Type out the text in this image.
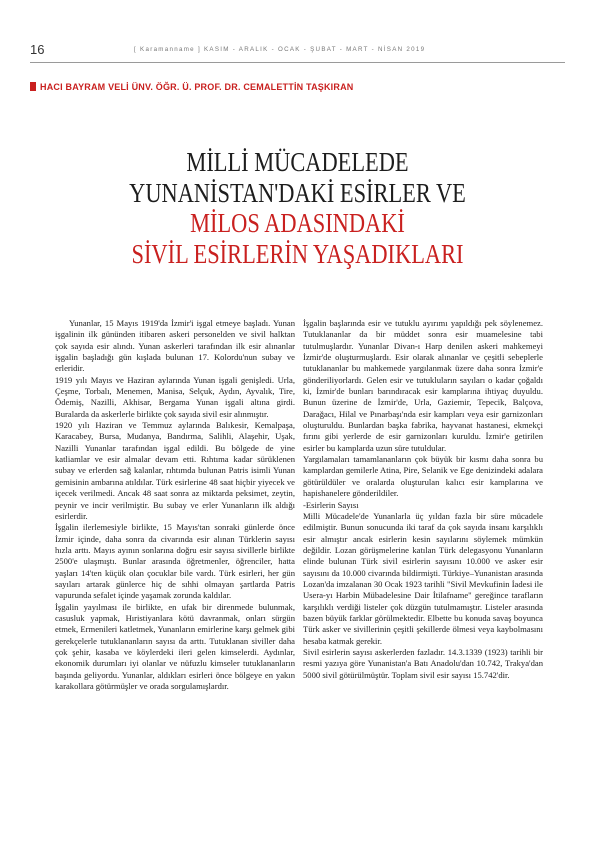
16	[ Karamanname ] KASIM - ARALIK - OCAK - ŞUBAT - MART - NİSAN 2019
HACI BAYRAM VELİ ÜNV. ÖĞR. Ü. PROF. DR. CEMALETTİN TAŞKIRAN
MİLLİ MÜCADELEDE
YUNANİSTAN'DAKİ ESİRLER VE
MİLOS ADASINDAKİ
SİVİL ESİRLERİN YAŞADIKLARI

Yunanlar, 15 Mayıs 1919'da İzmir'i işgal etmeye başladı. Yunan işgalinin ilk gününden itibaren askeri personelden ve sivil halktan çok sayıda esir alındı. Yunan askerleri tarafından ilk esir alınanlar işgalin başladığı gün kışlada bulunan 17. Kolordu'nun subay ve erleridir.

1919 yılı Mayıs ve Haziran aylarında Yunan işgali genişledi. Urla, Çeşme, Torbalı, Menemen, Manisa, Selçuk, Aydın, Ayvalık, Tire, Ödemiş, Nazilli, Akhisar, Bergama Yunan işgali altına girdi. Buralarda da askerlerle birlikte çok sayıda sivil esir alınmıştır.

1920 yılı Haziran ve Temmuz aylarında Balıkesir, Kemalpaşa, Karacabey, Bursa, Mudanya, Bandırma, Salihli, Alaşehir, Uşak, Nazilli Yunanlar tarafından işgal edildi. Bu bölgede de yine katliamlar ve esir almalar devam etti. Rıhtıma kadar sürüklenen subay ve erlerden sağ kalanlar, rıhtımda bulunan Patris isimli Yunan gemisinin ambarına atıldılar. Türk esirlerine 48 saat hiçbir yiyecek ve içecek verilmedi. Ancak 48 saat sonra az miktarda peksimet, zeytin, peynir ve incir verilmiştir. Bu subay ve erler Yunanların ilk aldığı esirlerdir.

İşgalin ilerlemesiyle birlikte, 15 Mayıs'tan sonraki günlerde önce İzmir içinde, daha sonra da civarında esir alınan Türklerin sayısı hızla arttı. Mayıs ayının sonlarına doğru esir sayısı sivillerle birlikte 2500'e ulaşmıştı. Bunlar arasında öğretmenler, öğrenciler, hatta yaşları 14'ten küçük olan çocuklar bile vardı. Türk esirleri, her gün sayıları artarak günlerce hiç de sıhhi olmayan şartlarda Patris vapurunda sefalet içinde yaşamak zorunda kaldılar.

İşgalin yayılması ile birlikte, en ufak bir direnmede bulunmak, casusluk yapmak, Hıristiyanlara kötü davranmak, onları sürgün etmek, Ermenileri katletmek, Yunanların emirlerine karşı gelmek gibi gerekçelerle tutuklananların sayısı da arttı. Tutuklanan siviller daha çok şehir, kasaba ve köylerdeki ileri gelen kimselerdi. Aydınlar, ekonomik durumları iyi olanlar ve nüfuzlu kimseler tutuklananların başında geliyordu. Yunanlar, aldıkları esirleri önce bölgeye en yakın karakollara götürmüşler ve orada sorgulamışlardır.

İşgalin başlarında esir ve tutuklu ayırımı yapıldığı pek söylenemez. Tutuklananlar da bir müddet sonra esir muamelesine tabi tutulmuşlardır. Yunanlar Divan-ı Harp denilen askeri mahkemeyi İzmir'de oluşturmuşlardı. Esir olarak alınanlar ve çeşitli sebeplerle tutuklananlar bu mahkemede yargılanmak üzere daha sonra İzmir'e gönderiliyorlardı. Gelen esir ve tutukluların sayıları o kadar çoğaldı ki, İzmir'de bunları barındıracak esir kamplarına ihtiyaç duyuldu. Bunun üzerine de İzmir'de, Urla, Gaziemir, Tepecik, Balçova, Darağacı, Hilal ve Pınarbaşı'nda esir kampları veya esir garnizonları oluşturuldu. Bunlardan başka fabrika, hayvanat hastanesi, ekmekçi fırını gibi yerlerde de esir garnizonları kuruldu. İzmir'e getirilen esirler bu kamplarda uzun süre tutuldular.

Yargılamaları tamamlananların çok büyük bir kısmı daha sonra bu kamplardan gemilerle Atina, Pire, Selanik ve Ege denizindeki adalara götürüldüler ve oralarda oluşturulan kalıcı esir kamplarına ve hapishanelere gönderildiler.

-Esirlerin Sayısı

Milli Mücadele'de Yunanlarla üç yıldan fazla bir süre mücadele edilmiştir. Bunun sonucunda iki taraf da çok sayıda insanı karşılıklı esir almıştır ancak esirlerin kesin sayılarını söylemek mümkün değildir. Lozan görüşmelerine katılan Türk delegasyonu Yunanların elinde bulunan Türk sivil esirlerin sayısını 10.000 ve asker esir sayısını da 10.000 civarında bildirmişti. Türkiye–Yunanistan arasında Lozan'da imzalanan 30 Ocak 1923 tarihli "Sivil Mevkufinin İadesi ile Usera-yı Harbin Mübadelesine Dair İtilafname" gereğince tarafların karşılıklı verdiği listeler çok düzgün tutulmamıştır. Listeler arasında bazen büyük farklar görülmektedir. Elbette bu konuda savaş boyunca Türk asker ve sivillerinin çeşitli şekillerde ölmesi veya kaybolmasını hesaba katmak gerekir.

Sivil esirlerin sayısı askerlerden fazladır. 14.3.1339 (1923) tarihli bir resmi yazıya göre Yunanistan'a Batı Anadolu'dan 10.742, Trakya'dan 5000 sivil götürülmüştür. Toplam sivil esir sayısı 15.742'dir.
